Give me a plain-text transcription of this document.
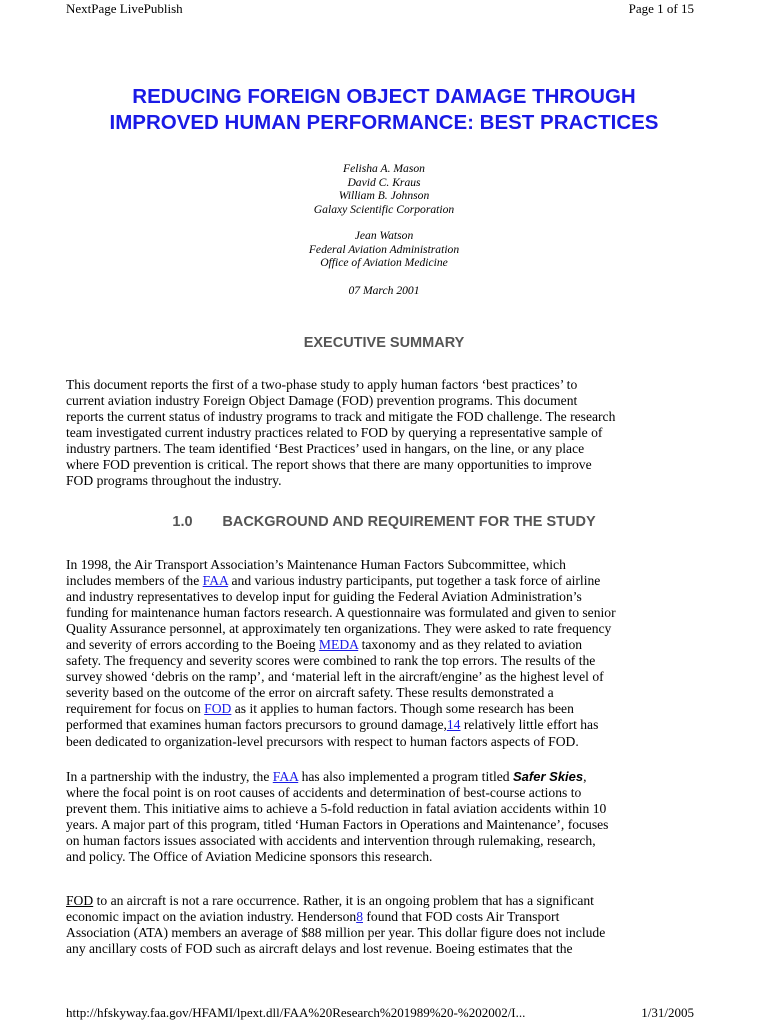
NextPage LivePublish	Page 1 of 15
REDUCING FOREIGN OBJECT DAMAGE THROUGH
IMPROVED HUMAN PERFORMANCE: BEST PRACTICES
Felisha A. Mason
David C. Kraus
William B. Johnson
Galaxy Scientific Corporation
Jean Watson
Federal Aviation Administration
Office of Aviation Medicine
07 March 2001
EXECUTIVE SUMMARY
This document reports the first of a two-phase study to apply human factors ‘best practices’ to
current aviation industry Foreign Object Damage (FOD) prevention programs. This document
reports the current status of industry programs to track and mitigate the FOD challenge. The research
team investigated current industry practices related to FOD by querying a representative sample of
industry partners. The team identified ‘Best Practices’ used in hangars, on the line, or any place
where FOD prevention is critical. The report shows that there are many opportunities to improve
FOD programs throughout the industry.
1.0 BACKGROUND AND REQUIREMENT FOR THE STUDY
In 1998, the Air Transport Association’s Maintenance Human Factors Subcommittee, which
includes members of the FAA and various industry participants, put together a task force of airline
and industry representatives to develop input for guiding the Federal Aviation Administration’s
funding for maintenance human factors research. A questionnaire was formulated and given to senior
Quality Assurance personnel, at approximately ten organizations. They were asked to rate frequency
and severity of errors according to the Boeing MEDA taxonomy and as they related to aviation
safety. The frequency and severity scores were combined to rank the top errors. The results of the
survey showed ‘debris on the ramp’, and ‘material left in the aircraft/engine’ as the highest level of
severity based on the outcome of the error on aircraft safety. These results demonstrated a
requirement for focus on FOD as it applies to human factors. Though some research has been
performed that examines human factors precursors to ground damage,14 relatively little effort has
been dedicated to organization-level precursors with respect to human factors aspects of FOD.
In a partnership with the industry, the FAA has also implemented a program titled Safer Skies,
where the focal point is on root causes of accidents and determination of best-course actions to
prevent them. This initiative aims to achieve a 5-fold reduction in fatal aviation accidents within 10
years. A major part of this program, titled ‘Human Factors in Operations and Maintenance’, focuses
on human factors issues associated with accidents and intervention through rulemaking, research,
and policy. The Office of Aviation Medicine sponsors this research.
FOD to an aircraft is not a rare occurrence. Rather, it is an ongoing problem that has a significant
economic impact on the aviation industry. Henderson8 found that FOD costs Air Transport
Association (ATA) members an average of $88 million per year. This dollar figure does not include
any ancillary costs of FOD such as aircraft delays and lost revenue. Boeing estimates that the
http://hfskyway.faa.gov/HFAMI/lpext.dll/FAA%20Research%201989%20-%202002/I...	1/31/2005
